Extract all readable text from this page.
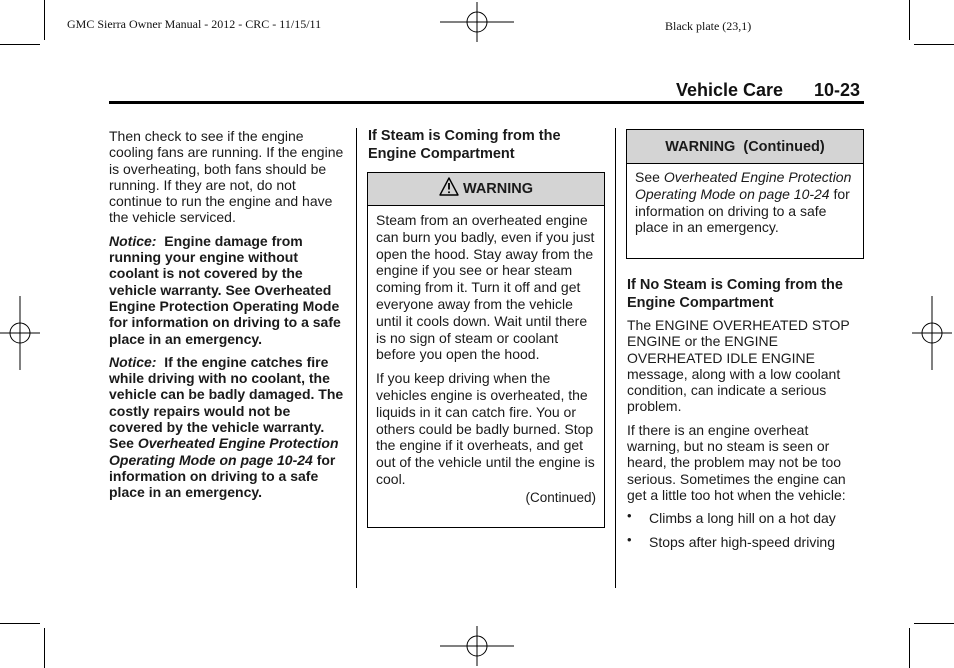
GMC Sierra Owner Manual - 2012 - CRC - 11/15/11	Black plate (23,1)
Vehicle Care 10-23

Then check to see if the engine cooling fans are running. If the engine is overheating, both fans should be running. If they are not, do not continue to run the engine and have the vehicle serviced.

Notice: Engine damage from running your engine without coolant is not covered by the vehicle warranty. See Overheated Engine Protection Operating Mode for information on driving to a safe place in an emergency.

Notice: If the engine catches fire while driving with no coolant, the vehicle can be badly damaged. The costly repairs would not be covered by the vehicle warranty. See Overheated Engine Protection Operating Mode on page 10-24 for information on driving to a safe place in an emergency.

If Steam is Coming from the Engine Compartment
WARNING

Steam from an overheated engine can burn you badly, even if you just open the hood. Stay away from the engine if you see or hear steam coming from it. Turn it off and get everyone away from the vehicle until it cools down. Wait until there is no sign of steam or coolant before you open the hood.

If you keep driving when the vehicles engine is overheated, the liquids in it can catch fire. You or others could be badly burned. Stop the engine if it overheats, and get out of the vehicle until the engine is cool.

(Continued)
WARNING  (Continued)

See Overheated Engine Protection Operating Mode on page 10-24 for information on driving to a safe place in an emergency.

If No Steam is Coming from the Engine Compartment

The ENGINE OVERHEATED STOP ENGINE or the ENGINE OVERHEATED IDLE ENGINE message, along with a low coolant condition, can indicate a serious problem.

If there is an engine overheat warning, but no steam is seen or heard, the problem may not be too serious. Sometimes the engine can get a little too hot when the vehicle:

• Climbs a long hill on a hot day
• Stops after high-speed driving
